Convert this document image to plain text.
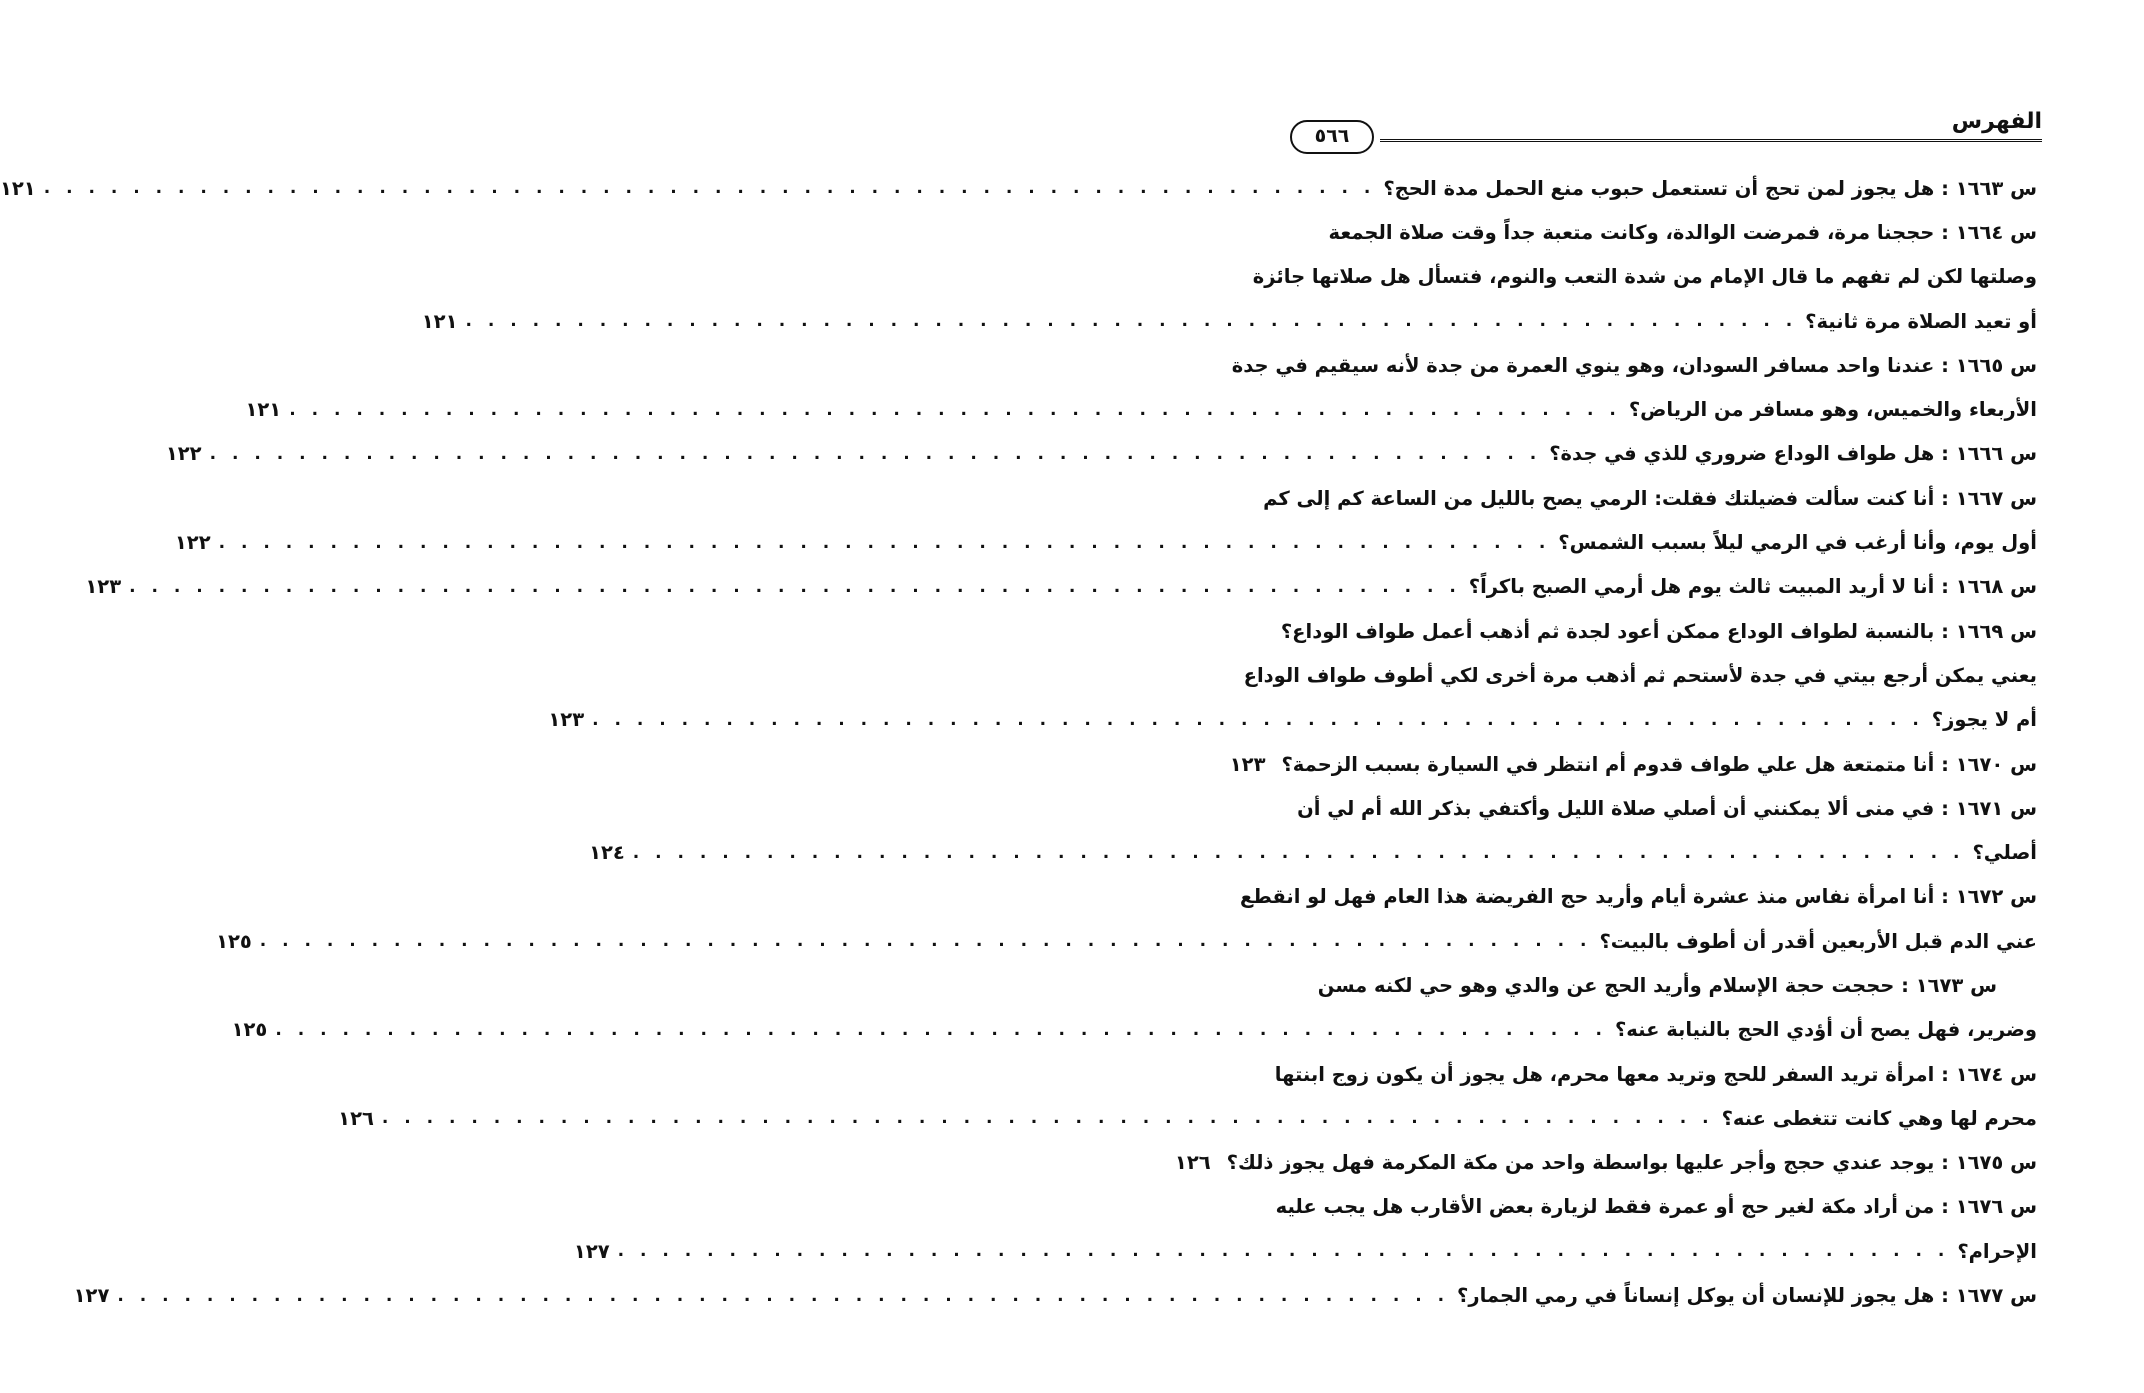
الفهرس
٥٦٦
س ١٦٦٣ : هل يجوز لمن تحج أن تستعمل حبوب منع الحمل مدة الحج؟
. . . . . . . . . . . . . . . . . . . . . . . . . . . . . . . . . . . . . . . . . . . . . . . . . . . . . . . . . . . .
١٢١
س ١٦٦٤ : حججنا مرة، فمرضت الوالدة، وكانت متعبة جداً وقت صلاة الجمعة
وصلتها لكن لم تفهم ما قال الإمام من شدة التعب والنوم، فتسأل هل صلاتها جائزة
أو تعيد الصلاة مرة ثانية؟
. . . . . . . . . . . . . . . . . . . . . . . . . . . . . . . . . . . . . . . . . . . . . . . . . . . . . . . . . . . .
١٢١
س ١٦٦٥ : عندنا واحد مسافر السودان، وهو ينوي العمرة من جدة لأنه سيقيم في جدة
الأربعاء والخميس، وهو مسافر من الرياض؟
. . . . . . . . . . . . . . . . . . . . . . . . . . . . . . . . . . . . . . . . . . . . . . . . . . . . . . . . . . . .
١٢١
س ١٦٦٦ : هل طواف الوداع ضروري للذي في جدة؟
. . . . . . . . . . . . . . . . . . . . . . . . . . . . . . . . . . . . . . . . . . . . . . . . . . . . . . . . . . . .
١٢٢
س ١٦٦٧ : أنا كنت سألت فضيلتك فقلت: الرمي يصح بالليل من الساعة كم إلى كم
أول يوم، وأنا أرغب في الرمي ليلاً بسبب الشمس؟
. . . . . . . . . . . . . . . . . . . . . . . . . . . . . . . . . . . . . . . . . . . . . . . . . . . . . . . . . . . .
١٢٢
س ١٦٦٨ : أنا لا أريد المبيت ثالث يوم هل أرمي الصبح باكراً؟
. . . . . . . . . . . . . . . . . . . . . . . . . . . . . . . . . . . . . . . . . . . . . . . . . . . . . . . . . . . .
١٢٣
س ١٦٦٩ : بالنسبة لطواف الوداع ممكن أعود لجدة ثم أذهب أعمل طواف الوداع؟
يعني يمكن أرجع بيتي في جدة لأستحم ثم أذهب مرة أخرى لكي أطوف طواف الوداع
أم لا يجوز؟
. . . . . . . . . . . . . . . . . . . . . . . . . . . . . . . . . . . . . . . . . . . . . . . . . . . . . . . . . . . .
١٢٣
س ١٦٧٠ : أنا متمتعة هل علي طواف قدوم أم انتظر في السيارة بسبب الزحمة؟
١٢٣
س ١٦٧١ : في منى ألا يمكنني أن أصلي صلاة الليل وأكتفي بذكر الله أم لي أن
أصلي؟
. . . . . . . . . . . . . . . . . . . . . . . . . . . . . . . . . . . . . . . . . . . . . . . . . . . . . . . . . . . .
١٢٤
س ١٦٧٢ : أنا امرأة نفاس منذ عشرة أيام وأريد حج الفريضة هذا العام فهل لو انقطع
عني الدم قبل الأربعين أقدر أن أطوف بالبيت؟
. . . . . . . . . . . . . . . . . . . . . . . . . . . . . . . . . . . . . . . . . . . . . . . . . . . . . . . . . . . .
١٢٥
س ١٦٧٣ : حججت حجة الإسلام وأريد الحج عن والدي وهو حي لكنه مسن
وضرير، فهل يصح أن أؤدي الحج بالنيابة عنه؟
. . . . . . . . . . . . . . . . . . . . . . . . . . . . . . . . . . . . . . . . . . . . . . . . . . . . . . . . . . . .
١٢٥
س ١٦٧٤ : امرأة تريد السفر للحج وتريد معها محرم، هل يجوز أن يكون زوج ابنتها
محرم لها وهي كانت تتغطى عنه؟
. . . . . . . . . . . . . . . . . . . . . . . . . . . . . . . . . . . . . . . . . . . . . . . . . . . . . . . . . . . .
١٢٦
س ١٦٧٥ : يوجد عندي حجج وأجر عليها بواسطة واحد من مكة المكرمة فهل يجوز ذلك؟
١٢٦
س ١٦٧٦ : من أراد مكة لغير حج أو عمرة فقط لزيارة بعض الأقارب هل يجب عليه
الإحرام؟
. . . . . . . . . . . . . . . . . . . . . . . . . . . . . . . . . . . . . . . . . . . . . . . . . . . . . . . . . . . .
١٢٧
س ١٦٧٧ : هل يجوز للإنسان أن يوكل إنساناً في رمي الجمار؟
. . . . . . . . . . . . . . . . . . . . . . . . . . . . . . . . . . . . . . . . . . . . . . . . . . . . . . . . . . . .
١٢٧
